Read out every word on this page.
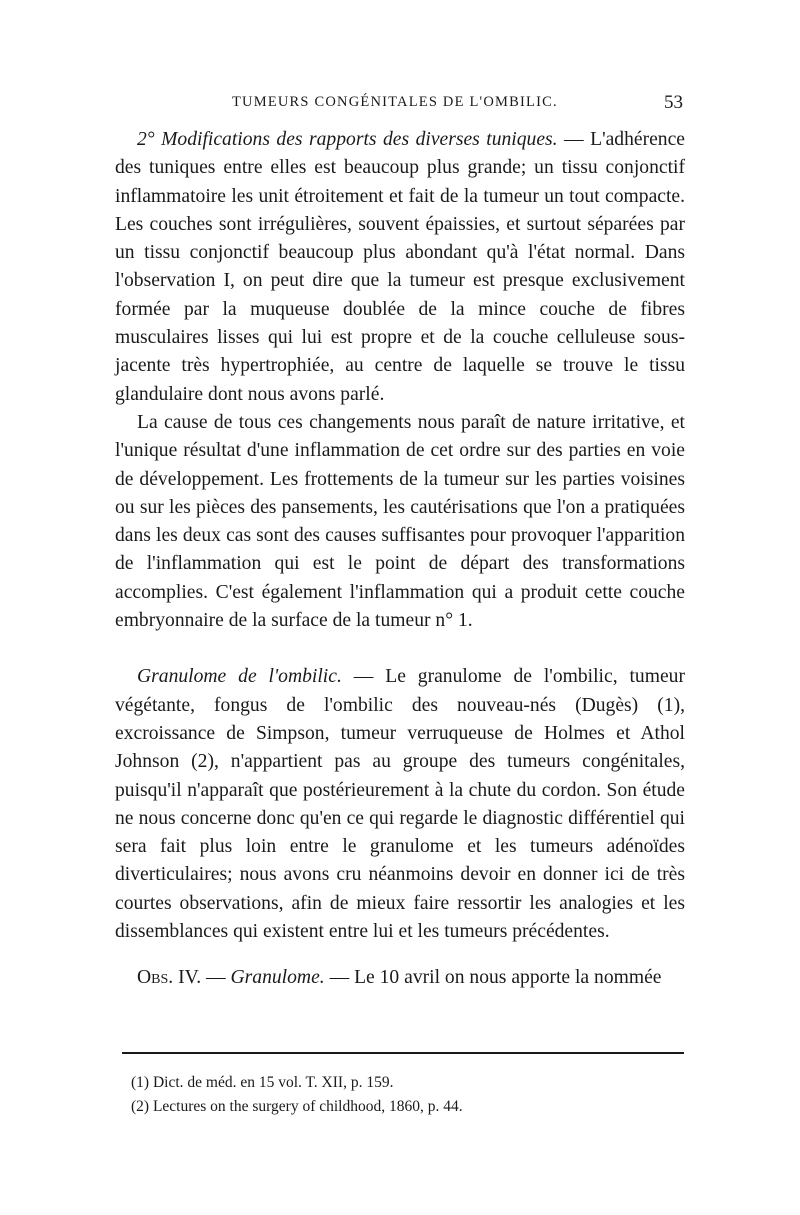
TUMEURS CONGÉNITALES DE L'OMBILIC.	53

2° Modifications des rapports des diverses tuniques. — L'adhérence des tuniques entre elles est beaucoup plus grande; un tissu conjonctif inflammatoire les unit étroitement et fait de la tumeur un tout compacte. Les couches sont irrégulières, souvent épaissies, et surtout séparées par un tissu conjonctif beaucoup plus abondant qu'à l'état normal. Dans l'observation I, on peut dire que la tumeur est presque exclusivement formée par la muqueuse doublée de la mince couche de fibres musculaires lisses qui lui est propre et de la couche celluleuse sous-jacente très hypertrophiée, au centre de laquelle se trouve le tissu glandulaire dont nous avons parlé.

La cause de tous ces changements nous paraît de nature irritative, et l'unique résultat d'une inflammation de cet ordre sur des parties en voie de développement. Les frottements de la tumeur sur les parties voisines ou sur les pièces des pansements, les cautérisations que l'on a pratiquées dans les deux cas sont des causes suffisantes pour provoquer l'apparition de l'inflammation qui est le point de départ des transformations accomplies. C'est également l'inflammation qui a produit cette couche embryonnaire de la surface de la tumeur n° 1.

Granulome de l'ombilic. — Le granulome de l'ombilic, tumeur végétante, fongus de l'ombilic des nouveau-nés (Dugès) (1), excroissance de Simpson, tumeur verruqueuse de Holmes et Athol Johnson (2), n'appartient pas au groupe des tumeurs congénitales, puisqu'il n'apparaît que postérieurement à la chute du cordon. Son étude ne nous concerne donc qu'en ce qui regarde le diagnostic différentiel qui sera fait plus loin entre le granulome et les tumeurs adénoïdes diverticulaires; nous avons cru néanmoins devoir en donner ici de très courtes observations, afin de mieux faire ressortir les analogies et les dissemblances qui existent entre lui et les tumeurs précédentes.

Obs. IV. — Granulome. — Le 10 avril on nous apporte la nommée

(1) Dict. de méd. en 15 vol. T. XII, p. 159.
(2) Lectures on the surgery of childhood, 1860, p. 44.
